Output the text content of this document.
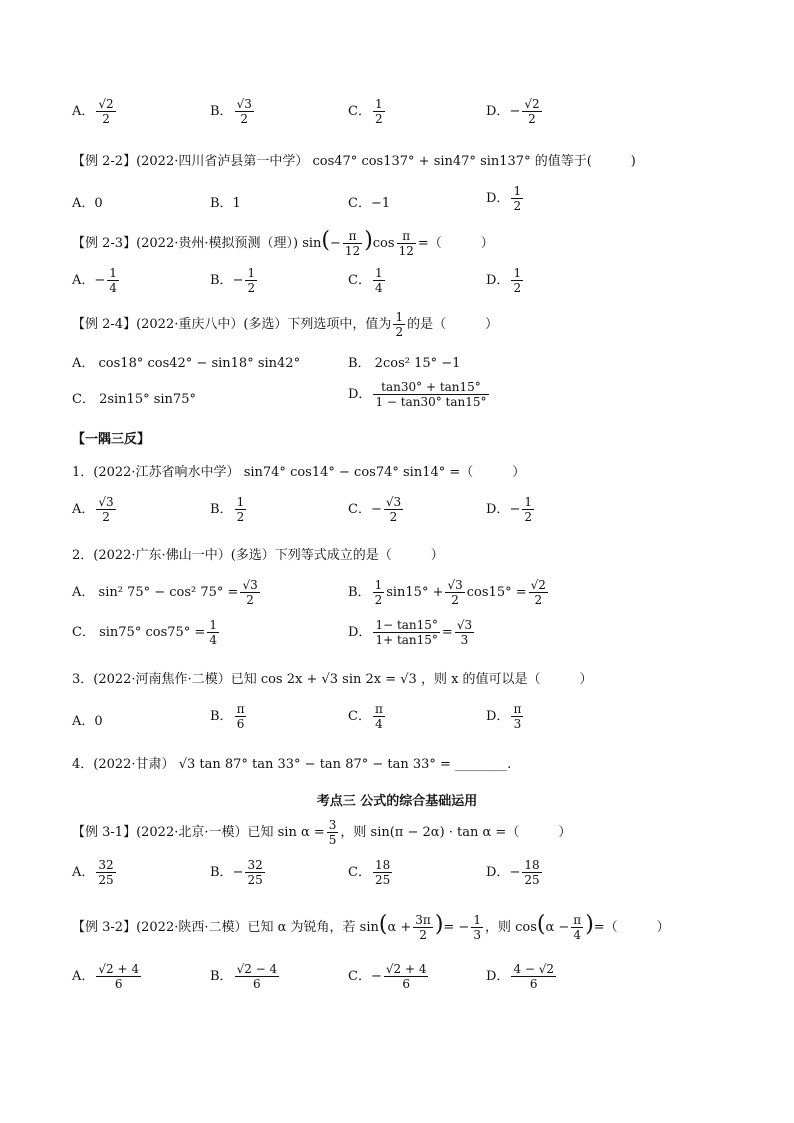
A． $\frac{√2}{2}$	B． $\frac{√3}{2}$	C． $\frac{1}{2}$	D．− $\frac{√2}{2}$
【例 2-2】(2022·四川省泸县第一中学） cos47° cos137° + sin47° sin137° 的值等于(　　　)
A．0	B．1	C．−1	D． $\frac{1}{2}$
【例 2-3】(2022·贵州·模拟预测（理）) $\sin(- \frac{\pi}{12} )\cos \frac{\pi}{12}$ =（　　　）
A．− $\frac{1}{4}$	B．− $\frac{1}{2}$	C． $\frac{1}{4}$	D． $\frac{1}{2}$
【例 2-4】(2022·重庆八中）(多选）下列选项中，值为 $\frac{1}{2}$ 的是（　　　）
A． cos18° cos42° − sin18° sin42°	B． 2cos² 15° −1
C． 2sin15° sin75°	D． $\frac{\tan 30^\circ + \tan 15^\circ}{1 - \tan 30^\circ \tan 15^\circ}$
【一隅三反】
1．(2022·江苏省响水中学） sin74° cos14° − cos74° sin14° =（　　　）
A． $\frac{√3}{2}$	B． $\frac{1}{2}$	C．− $\frac{√3}{2}$	D．− $\frac{1}{2}$
2．(2022·广东·佛山一中）(多选）下列等式成立的是（　　　）
A． sin² 75° − cos² $75^\circ = \frac{√3}{2}$	B． $\frac{1}{2} \sin 15^\circ + \frac{√3}{2} \cos 15^\circ = \frac{√2}{2}$
C． sin75° $\cos 75^\circ = \frac{1}{4}$	D． $\frac{1- \tan 15^\circ}{1+ \tan 15^\circ} = \frac{√3}{3}$
3．(2022·河南焦作·二模）已知 cos 2x + √3 sin 2x = √3 ，则 x 的值可以是（　　　）
A．0	B． $\frac{\pi}{6}$	C． $\frac{\pi}{4}$	D． $\frac{\pi}{3}$
4．(2022·甘肃） √3 tan 87° tan 33° − tan 87° − tan 33° = ________.
考点三 公式的综合基础运用
【例 3-1】(2022·北京·一模）已知 $\sin \alpha = \frac{3}{5}$ ，则 sin(π − 2α) · tan α =（　　　）
A． $\frac{32}{25}$	B．− $\frac{32}{25}$	C． $\frac{18}{25}$	D．− $\frac{18}{25}$
【例 3-2】(2022·陕西·二模）已知 α 为锐角，若 $\sin(\alpha + \frac{3\pi}{2}$ )= − $\frac{1}{3}$ ，则 $\cos(\alpha - \frac{\pi}{4}$ )=（　　　）
A． $\frac{√2 + 4}{6}$	B． $\frac{√2 - 4}{6}$	C．− $\frac{√2 + 4}{6}$	D． $\frac{4 - √2}{6}$
